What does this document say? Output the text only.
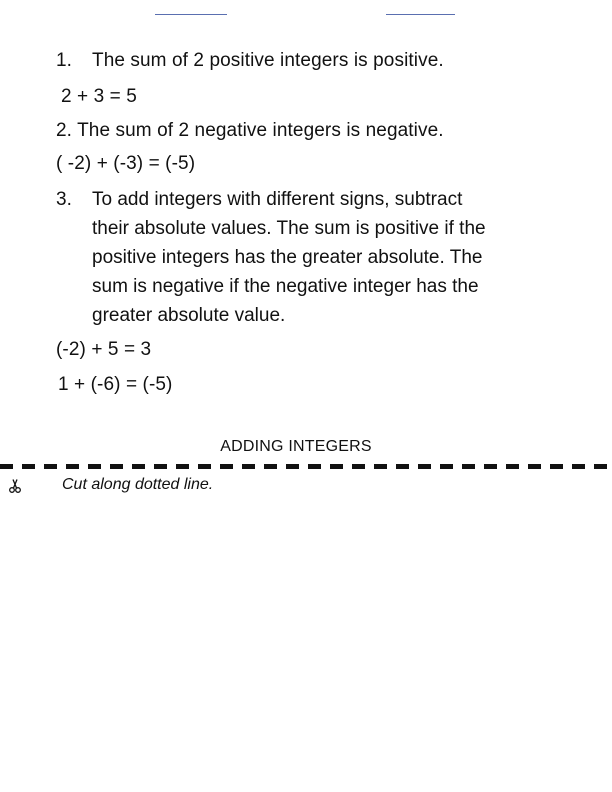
1. The sum of 2 positive integers is positive.
2 + 3 = 5
2. The sum of 2 negative integers is negative.
( -2) + (-3) = (-5)
3. To add integers with different signs, subtract
their absolute values. The sum is positive if the
positive integers has the greater absolute. The
sum is negative if the negative integer has the
greater absolute value.
(-2) + 5 = 3
1 + (-6) = (-5)
ADDING INTEGERS
Cut along dotted line.
